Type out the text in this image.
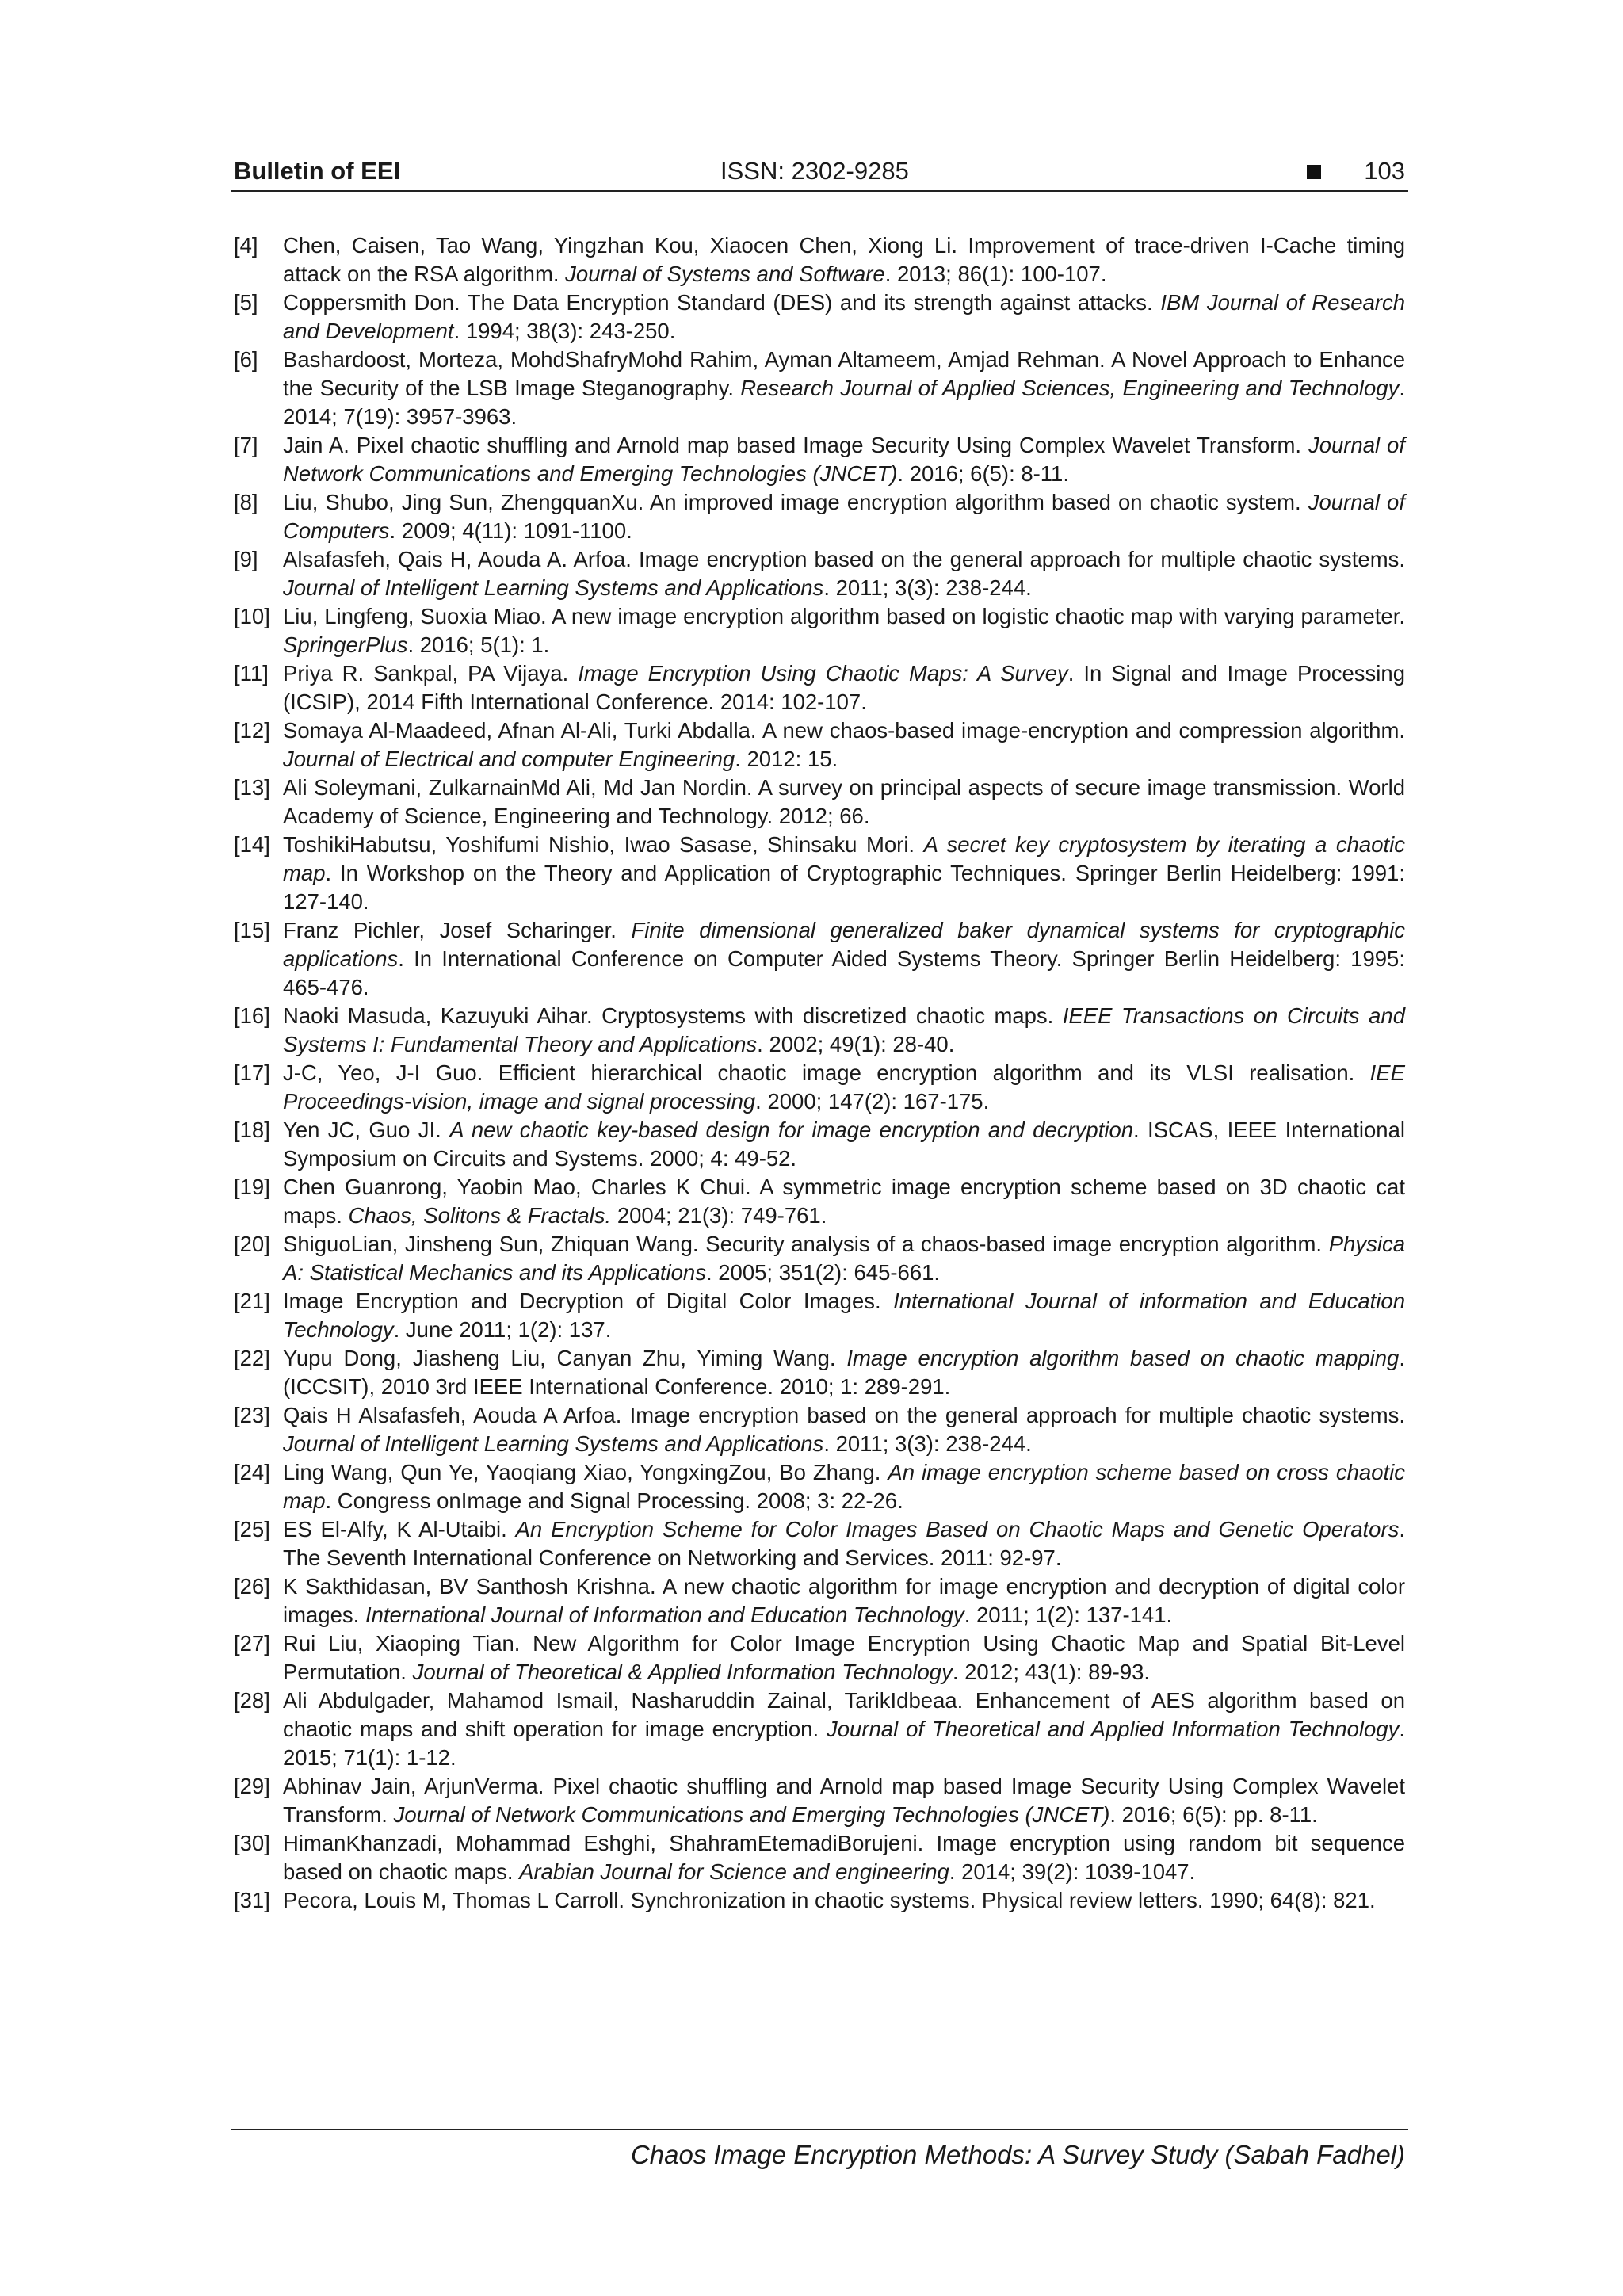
Bulletin of EEI	ISSN: 2302-9285	103
[4] Chen, Caisen, Tao Wang, Yingzhan Kou, Xiaocen Chen, Xiong Li. Improvement of trace-driven I-Cache timing attack on the RSA algorithm. Journal of Systems and Software. 2013; 86(1): 100-107.
[5] Coppersmith Don. The Data Encryption Standard (DES) and its strength against attacks. IBM Journal of Research and Development. 1994; 38(3): 243-250.
[6] Bashardoost, Morteza, MohdShafryMohd Rahim, Ayman Altameem, Amjad Rehman. A Novel Approach to Enhance the Security of the LSB Image Steganography. Research Journal of Applied Sciences, Engineering and Technology. 2014; 7(19): 3957-3963.
[7] Jain A. Pixel chaotic shuffling and Arnold map based Image Security Using Complex Wavelet Transform. Journal of Network Communications and Emerging Technologies (JNCET). 2016; 6(5): 8-11.
[8] Liu, Shubo, Jing Sun, ZhengquanXu. An improved image encryption algorithm based on chaotic system. Journal of Computers. 2009; 4(11): 1091-1100.
[9] Alsafasfeh, Qais H, Aouda A. Arfoa. Image encryption based on the general approach for multiple chaotic systems. Journal of Intelligent Learning Systems and Applications. 2011; 3(3): 238-244.
[10] Liu, Lingfeng, Suoxia Miao. A new image encryption algorithm based on logistic chaotic map with varying parameter. SpringerPlus. 2016; 5(1): 1.
[11] Priya R. Sankpal, PA Vijaya. Image Encryption Using Chaotic Maps: A Survey. In Signal and Image Processing (ICSIP), 2014 Fifth International Conference. 2014: 102-107.
[12] Somaya Al-Maadeed, Afnan Al-Ali, Turki Abdalla. A new chaos-based image-encryption and compression algorithm. Journal of Electrical and computer Engineering. 2012: 15.
[13] Ali Soleymani, ZulkarnainMd Ali, Md Jan Nordin. A survey on principal aspects of secure image transmission. World Academy of Science, Engineering and Technology. 2012; 66.
[14] ToshikiHabutsu, Yoshifumi Nishio, Iwao Sasase, Shinsaku Mori. A secret key cryptosystem by iterating a chaotic map. In Workshop on the Theory and Application of Cryptographic Techniques. Springer Berlin Heidelberg: 1991: 127-140.
[15] Franz Pichler, Josef Scharinger. Finite dimensional generalized baker dynamical systems for cryptographic applications. In International Conference on Computer Aided Systems Theory. Springer Berlin Heidelberg: 1995: 465-476.
[16] Naoki Masuda, Kazuyuki Aihar. Cryptosystems with discretized chaotic maps. IEEE Transactions on Circuits and Systems I: Fundamental Theory and Applications. 2002; 49(1): 28-40.
[17] J-C, Yeo, J-I Guo. Efficient hierarchical chaotic image encryption algorithm and its VLSI realisation. IEE Proceedings-vision, image and signal processing. 2000; 147(2): 167-175.
[18] Yen JC, Guo JI. A new chaotic key-based design for image encryption and decryption. ISCAS, IEEE International Symposium on Circuits and Systems. 2000; 4: 49-52.
[19] Chen Guanrong, Yaobin Mao, Charles K Chui. A symmetric image encryption scheme based on 3D chaotic cat maps. Chaos, Solitons & Fractals. 2004; 21(3): 749-761.
[20] ShiguoLian, Jinsheng Sun, Zhiquan Wang. Security analysis of a chaos-based image encryption algorithm. Physica A: Statistical Mechanics and its Applications. 2005; 351(2): 645-661.
[21] Image Encryption and Decryption of Digital Color Images. International Journal of information and Education Technology. June 2011; 1(2): 137.
[22] Yupu Dong, Jiasheng Liu, Canyan Zhu, Yiming Wang. Image encryption algorithm based on chaotic mapping. (ICCSIT), 2010 3rd IEEE International Conference. 2010; 1: 289-291.
[23] Qais H Alsafasfeh, Aouda A Arfoa. Image encryption based on the general approach for multiple chaotic systems. Journal of Intelligent Learning Systems and Applications. 2011; 3(3): 238-244.
[24] Ling Wang, Qun Ye, Yaoqiang Xiao, YongxingZou, Bo Zhang. An image encryption scheme based on cross chaotic map. Congress onImage and Signal Processing. 2008; 3: 22-26.
[25] ES El-Alfy, K Al-Utaibi. An Encryption Scheme for Color Images Based on Chaotic Maps and Genetic Operators. The Seventh International Conference on Networking and Services. 2011: 92-97.
[26] K Sakthidasan, BV Santhosh Krishna. A new chaotic algorithm for image encryption and decryption of digital color images. International Journal of Information and Education Technology. 2011; 1(2): 137-141.
[27] Rui Liu, Xiaoping Tian. New Algorithm for Color Image Encryption Using Chaotic Map and Spatial Bit-Level Permutation. Journal of Theoretical & Applied Information Technology. 2012; 43(1): 89-93.
[28] Ali Abdulgader, Mahamod Ismail, Nasharuddin Zainal, TarikIdbeaa. Enhancement of AES algorithm based on chaotic maps and shift operation for image encryption. Journal of Theoretical and Applied Information Technology. 2015; 71(1): 1-12.
[29] Abhinav Jain, ArjunVerma. Pixel chaotic shuffling and Arnold map based Image Security Using Complex Wavelet Transform. Journal of Network Communications and Emerging Technologies (JNCET). 2016; 6(5): pp. 8-11.
[30] HimanKhanzadi, Mohammad Eshghi, ShahramEtemadiBorujeni. Image encryption using random bit sequence based on chaotic maps. Arabian Journal for Science and engineering. 2014; 39(2): 1039-1047.
[31] Pecora, Louis M, Thomas L Carroll. Synchronization in chaotic systems. Physical review letters. 1990; 64(8): 821.
Chaos Image Encryption Methods: A Survey Study (Sabah Fadhel)
